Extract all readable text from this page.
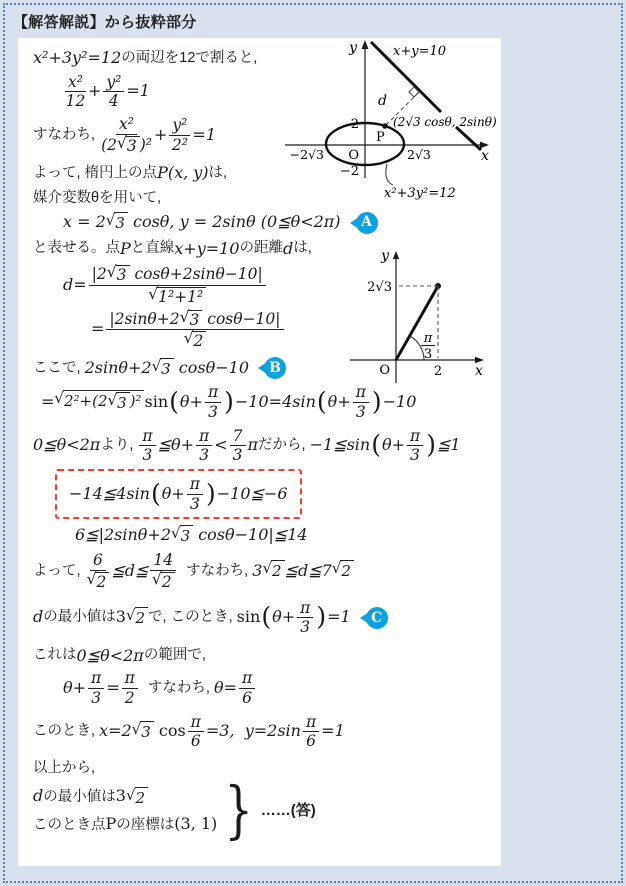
【解答解説】から抜粋部分
x²+3y²=12 の両辺を12で割ると,
x²
12
+ $\frac{\text{y²}}{4} =1$
すなわち,
x²
(2 √ 3 )²
+ $\frac{\text{y²}}{\text{2²}} =1$
よって, 楕円上の点 P(x, y) は,
媒介変数θを用いて,
x = 2 √ 3 cosθ, y = 2sinθ (0≦θ<2π)	A
と表せる。点 P と直線 x+y=10 の距離 d は,
$d= \frac{|2 √ 3 \cos\theta+2\sin\theta-10|}{\text{√ 1²+1²}}$
= $\frac{|2\sin\theta+2 √ 3 \cos\theta-10|}{√ 2}$
ここで, 2sinθ+2 √ 3 cosθ−10	B
= √ 2²+(2 √ 3 )² sin ( $\theta+ \frac{\pi}{3}$ ) −10=4sin ( $\theta+ \frac{\pi}{3}$ ) −10
0≦θ<2π より,
π
3
≦θ+ $\frac{\pi}{3} < 7$
3
π だから, −1≦sin ( $\theta+ \frac{\pi}{3}$ ) ≦1
−14≦4sin ( $\theta+ \frac{\pi}{3}$ ) −10≦−6
6≦|2sinθ+2 √ 3 cosθ−10|≦14
よって,
6
√ 2
≦d≦
14
√ 2
すなわち, 3 √ 2 ≦d≦7 √ 2
d の最小値は 3 √ 2 で, このとき, sin ( $\theta+ \frac{\pi}{3}$ ) =1	C
これは 0≦θ<2π の範囲で,
$\theta+ \frac{\pi}{3} = \frac{\pi}{2}$ すなわち, $\theta= \frac{\pi}{6}$
このとき, x=2 √ 3 $\cos \frac{\pi}{6} =3$,  $y=2\sin \frac{\pi}{6} =1$
以上から,
dの最小値は3 √ 2
このとき点Pの座標は(3, 1) } ……(答)
y
x
O
2
−2
−2√3	2√3
x+y=10
d
P
(2√3 cosθ, 2sinθ)
x²+3y²=12
y
x
O
2√3
2
π
3
